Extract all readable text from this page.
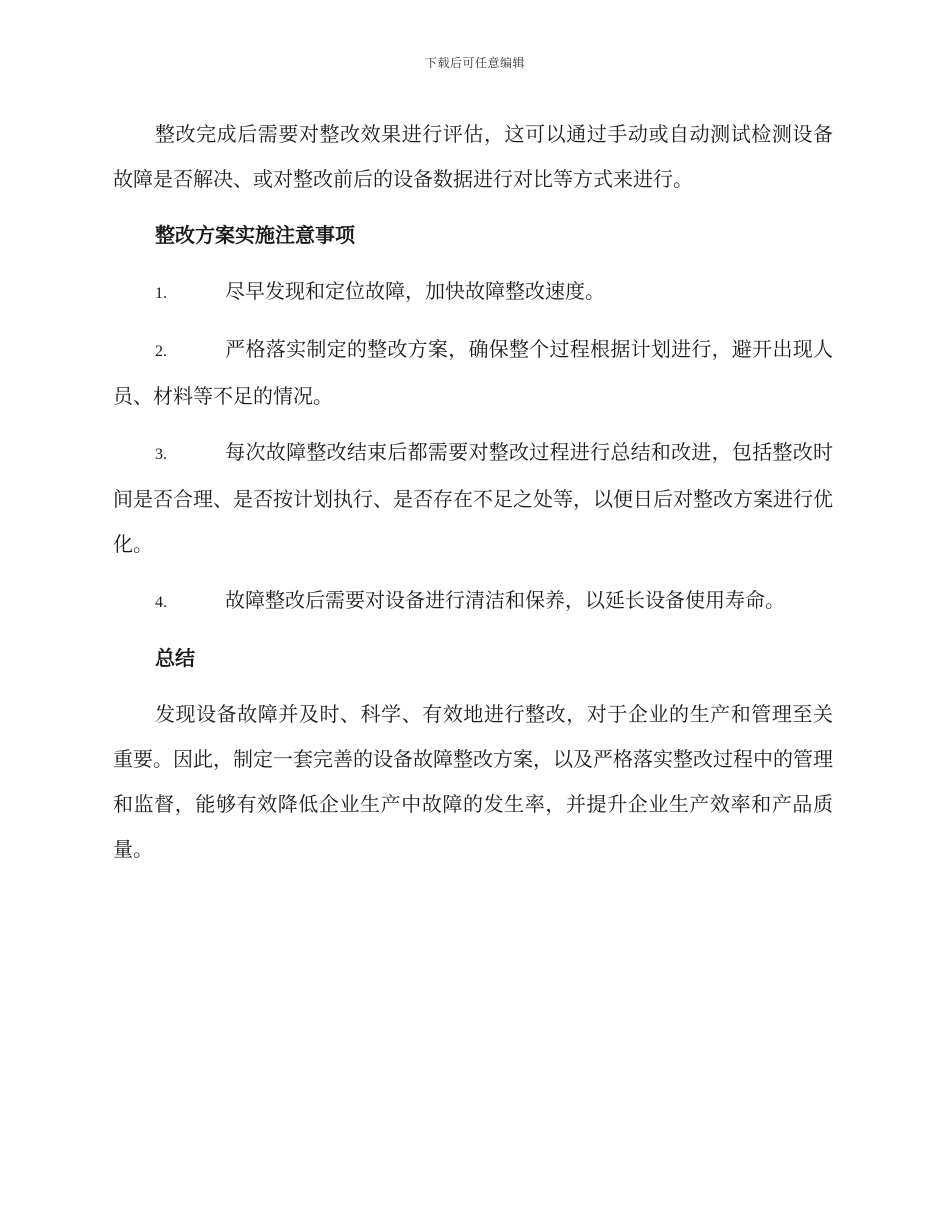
下载后可任意编辑

整改完成后需要对整改效果进行评估，这可以通过手动或自动测试检测设备故障是否解决、或对整改前后的设备数据进行对比等方式来进行。

整改方案实施注意事项

1.	尽早发现和定位故障，加快故障整改速度。

2.	严格落实制定的整改方案，确保整个过程根据计划进行，避开出现人员、材料等不足的情况。

3.	每次故障整改结束后都需要对整改过程进行总结和改进，包括整改时间是否合理、是否按计划执行、是否存在不足之处等，以便日后对整改方案进行优化。

4.	故障整改后需要对设备进行清洁和保养，以延长设备使用寿命。

总结

发现设备故障并及时、科学、有效地进行整改，对于企业的生产和管理至关重要。因此，制定一套完善的设备故障整改方案，以及严格落实整改过程中的管理和监督，能够有效降低企业生产中故障的发生率，并提升企业生产效率和产品质量。
